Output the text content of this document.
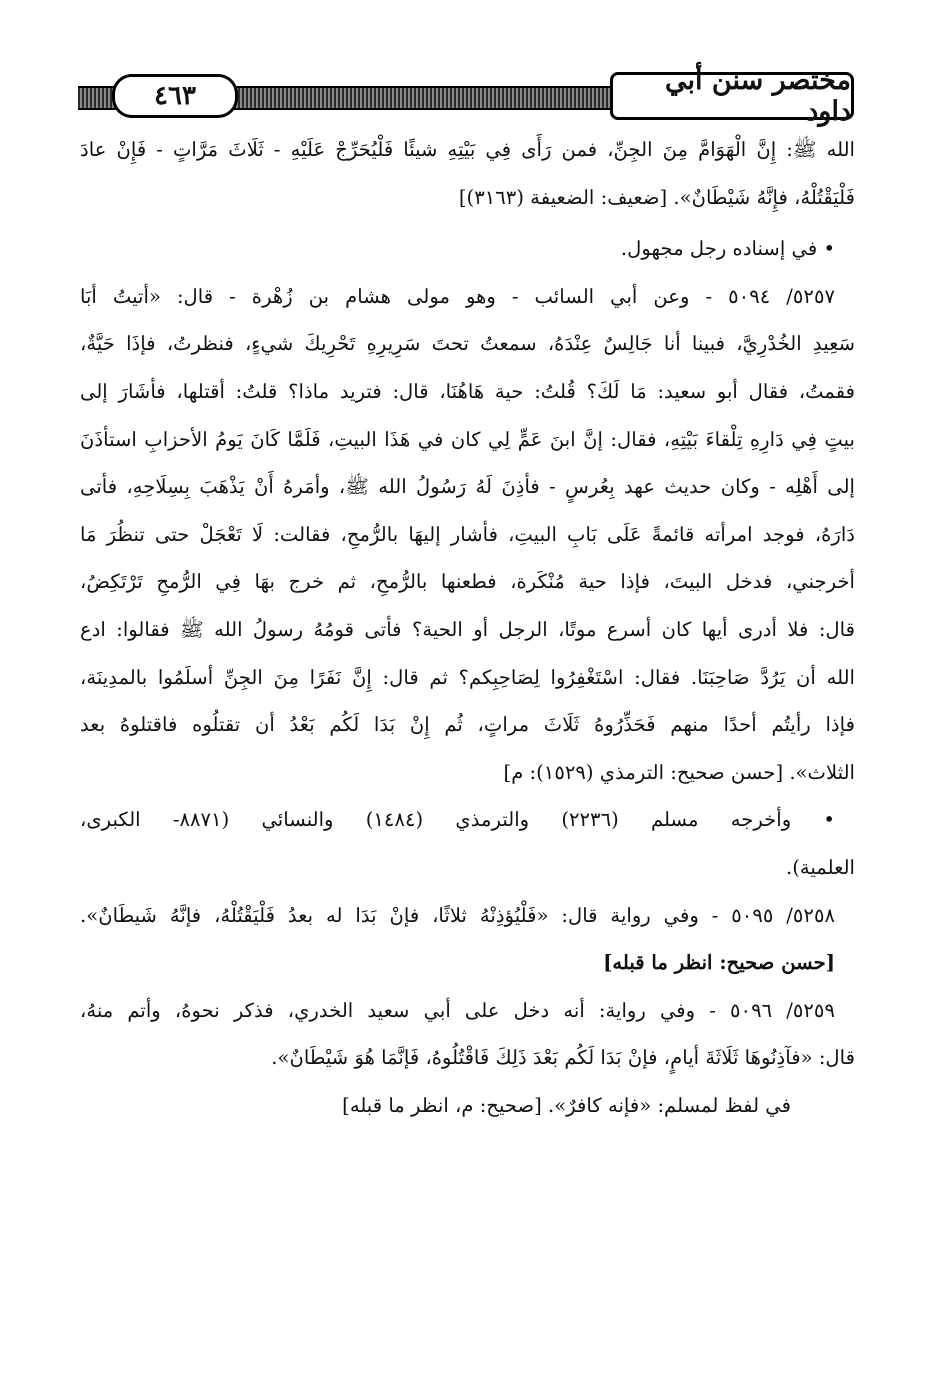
٤٦٣	مختصر سنن أبي داود
الله ﷺ: إِنَّ الْهَوَامَّ مِنَ الجِنِّ، فمن رَأَى فِي بَيْتِهِ شيئًا فَلْيُحَرِّجْ عَلَيْهِ - ثَلَاثَ مَرَّاتٍ - فَإِنْ عادَ
فَلْيَقْتُلْهُ، فإِنَّهُ شَيْطَانٌ». [ضعيف: الضعيفة (٣١٦٣)]
• في إسناده رجل مجهول.
٥٢٥٧/ ٥٠٩٤ - وعن أبي السائب - وهو مولى هشام بن زُهْرة - قال: «أتيتُ أبَا
سَعِيدِ الخُدْرِيَّ، فبينا أنا جَالِسٌ عِنْدَهُ، سمعتُ تحتَ سَرِيرِهِ تَحْرِيكَ شيءٍ، فنظرتُ، فإذَا حَيَّةٌ،
فقمتُ، فقال أبو سعيد: مَا لَكَ؟ قُلتُ: حية هَاهُنَا، قال: فتريد ماذا؟ قلتُ: أقتلها، فأشَارَ إلى
بيتٍ فِي دَارِهِ تِلْقاءَ بَيْتِهِ، فقال: إنَّ ابنَ عَمٍّ لِي كان في هَذَا البيتِ، فَلَمَّا كَانَ يَومُ الأحزابِ استأذَنَ
إلى أَهْلِه - وكان حديث عهد بِعُرسٍ - فأذِنَ لَهُ رَسُولُ الله ﷺ، وأمَرهُ أَنْ يَذْهَبَ بِسِلَاحِهِ، فأتى
دَارَهُ، فوجد امرأته قائمةً عَلَى بَابِ البيتِ، فأشار إليهَا بالرُّمحِ، فقالت: لَا تَعْجَلْ حتى تنظُرَ مَا
أخرجني، فدخل البيتَ، فإذا حية مُنْكَرة، فطعنها بالرُّمحِ، ثم خرج بهَا فِي الرُّمحِ تَرْتَكِضُ،
قال: فلا أدرى أيها كان أسرع موتًا، الرجل أو الحية؟ فأتى قومُهُ رسولُ الله ﷺ فقالوا: ادع
الله أن يَرُدَّ صَاحِبَنَا. فقال: اسْتَغْفِرُوا لِصَاحِبِكم؟ ثم قال: إِنَّ نَفَرًا مِنَ الجِنِّ أسلَمُوا بالمدِينَة،
فإذا رأيتُم أحدًا منهم فَحَذِّرُوهُ ثَلَاثَ مراتٍ، ثُم إِنْ بَدَا لَكُم بَعْدُ أن تقتلُوه فاقتلوهُ بعد
الثلاث». [حسن صحيح: الترمذي (١٥٢٩): م]
• وأخرجه مسلم (٢٢٣٦) والترمذي (١٤٨٤) والنسائي (٨٨٧١- الكبرى،
العلمية).
٥٢٥٨/ ٥٠٩٥ - وفي رواية قال: «فَلْيُؤذِنْهُ ثلاثًا، فإنْ بَدَا له بعدُ فَلْيَقْتُلْهُ، فإنَّهُ شَيطَانٌ».
[حسن صحيح: انظر ما قبله]
٥٢٥٩/ ٥٠٩٦ - وفي رواية: أنه دخل على أبي سعيد الخدري، فذكر نحوهُ، وأتم منهُ،
قال: «فآذِنُوهَا ثَلَاثَةَ أيامٍ، فإنْ بَدَا لَكُم بَعْدَ ذَلِكَ فَاقْتُلُوهُ، فَإنَّمَا هُوَ شَيْطَانٌ».
في لفظ لمسلم: «فإنه كافرٌ». [صحيح: م، انظر ما قبله]
